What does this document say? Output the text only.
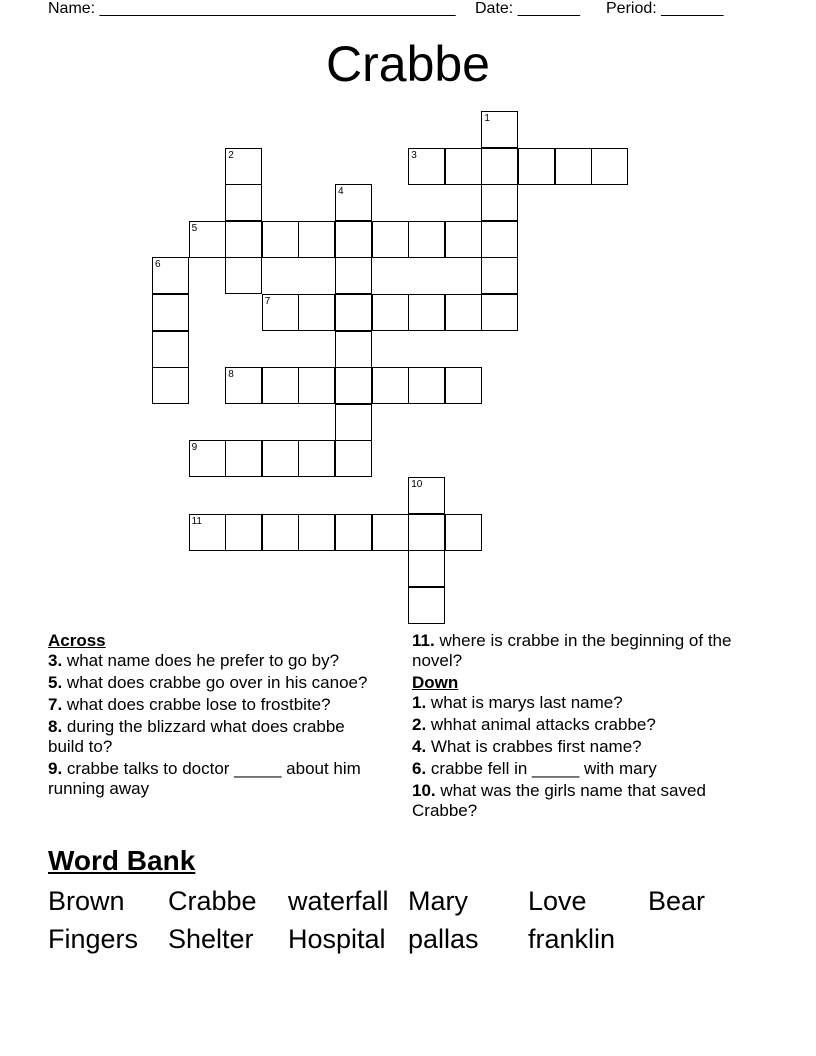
Name: ________________________________________

Date: _______

Period: _______

Crabbe
3
5
7
8
9
11
1
2
4
6
10
Across
3. what name does he prefer to go by?
5. what does crabbe go over in his canoe?
7. what does crabbe lose to frostbite?
8. during the blizzard what does crabbe build to?
9. crabbe talks to doctor _____ about him running away
11. where is crabbe in the beginning of the novel?
Down
1. what is marys last name?
2. whhat animal attacks crabbe?
4. What is crabbes first name?
6. crabbe fell in _____ with mary
10. what was the girls name that saved Crabbe?
Word Bank
Brown Crabbe waterfall Mary Love Bear
Fingers Shelter Hospital pallas franklin
